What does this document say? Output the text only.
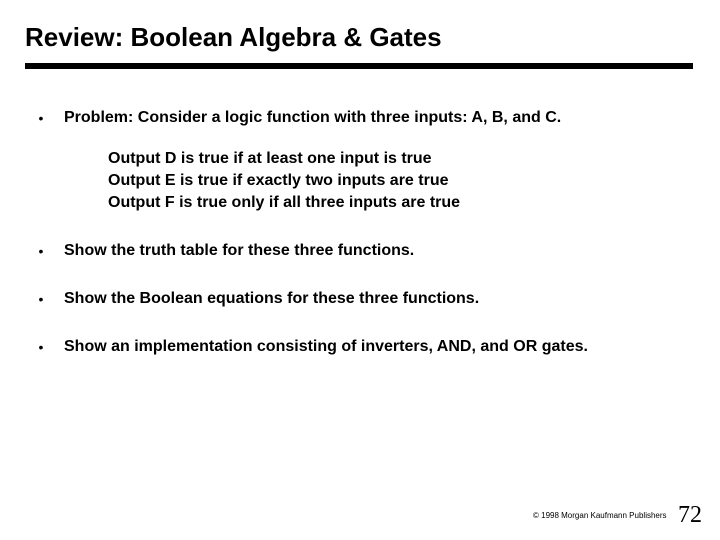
Review: Boolean Algebra & Gates
• Problem: Consider a logic function with three inputs: A, B, and C.
Output D is true if at least one input is true
Output E is true if exactly two inputs are true
Output F is true only if all three inputs are true
• Show the truth table for these three functions.
• Show the Boolean equations for these three functions.
• Show an implementation consisting of inverters, AND, and OR gates.
© 1998 Morgan Kaufmann Publishers 72
